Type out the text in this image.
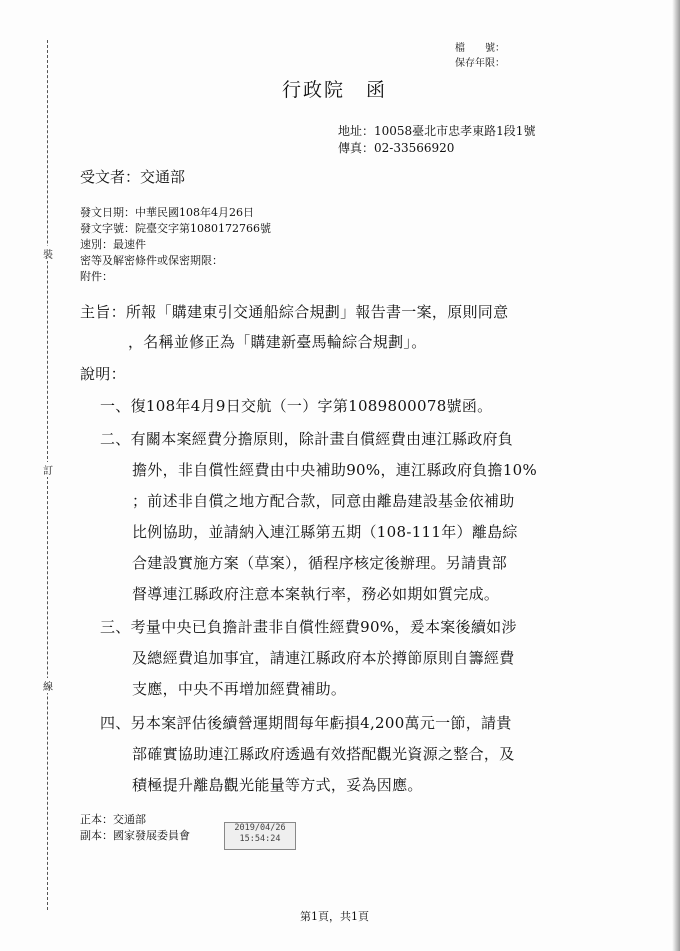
裝
訂
線
檔　　號：
保存年限：
行政院　函
地址：10058臺北市忠孝東路1段1號
傳真：02-33566920
受文者：交通部
發文日期：中華民國108年4月26日
發文字號：院臺交字第1080172766號
速別：最速件
密等及解密條件或保密期限：
附件：
主旨：所報「購建東引交通船綜合規劃」報告書一案，原則同意
，名稱並修正為「購建新臺馬輪綜合規劃」。
說明：
一、復108年4月9日交航（一）字第1089800078號函。
二、有關本案經費分擔原則，除計畫自償經費由連江縣政府負
擔外，非自償性經費由中央補助90%，連江縣政府負擔10%
；前述非自償之地方配合款，同意由離島建設基金依補助
比例協助，並請納入連江縣第五期（108-111年）離島綜
合建設實施方案（草案），循程序核定後辦理。另請貴部
督導連江縣政府注意本案執行率，務必如期如質完成。
三、考量中央已負擔計畫非自償性經費90%，爰本案後續如涉
及總經費追加事宜，請連江縣政府本於撙節原則自籌經費
支應，中央不再增加經費補助。
四、另本案評估後續營運期間每年虧損4,200萬元一節，請貴
部確實協助連江縣政府透過有效搭配觀光資源之整合，及
積極提升離島觀光能量等方式，妥為因應。
正本：交通部
副本：國家發展委員會
2019/04/26
15:54:24
第1頁，共1頁
